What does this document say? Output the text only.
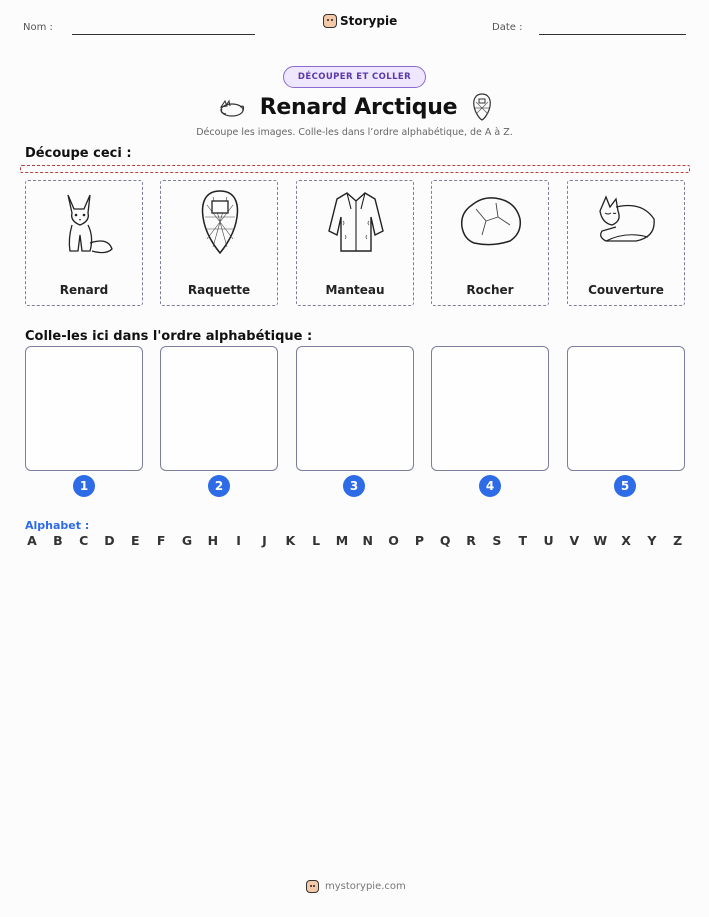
Nom :	Storypie	Date :
DÉCOUPER ET COLLER
Renard Arctique
Découpe les images. Colle-les dans l’ordre alphabétique, de A à Z.
Découpe ceci :
Renard	Raquette	Manteau	Rocher	Couverture
Colle-les ici dans l'ordre alphabétique :
1	2	3	4	5
Alphabet :
A B C D E F G H	I	J	K L M N O P Q R S T U V W X Y Z
mystorypie.com
